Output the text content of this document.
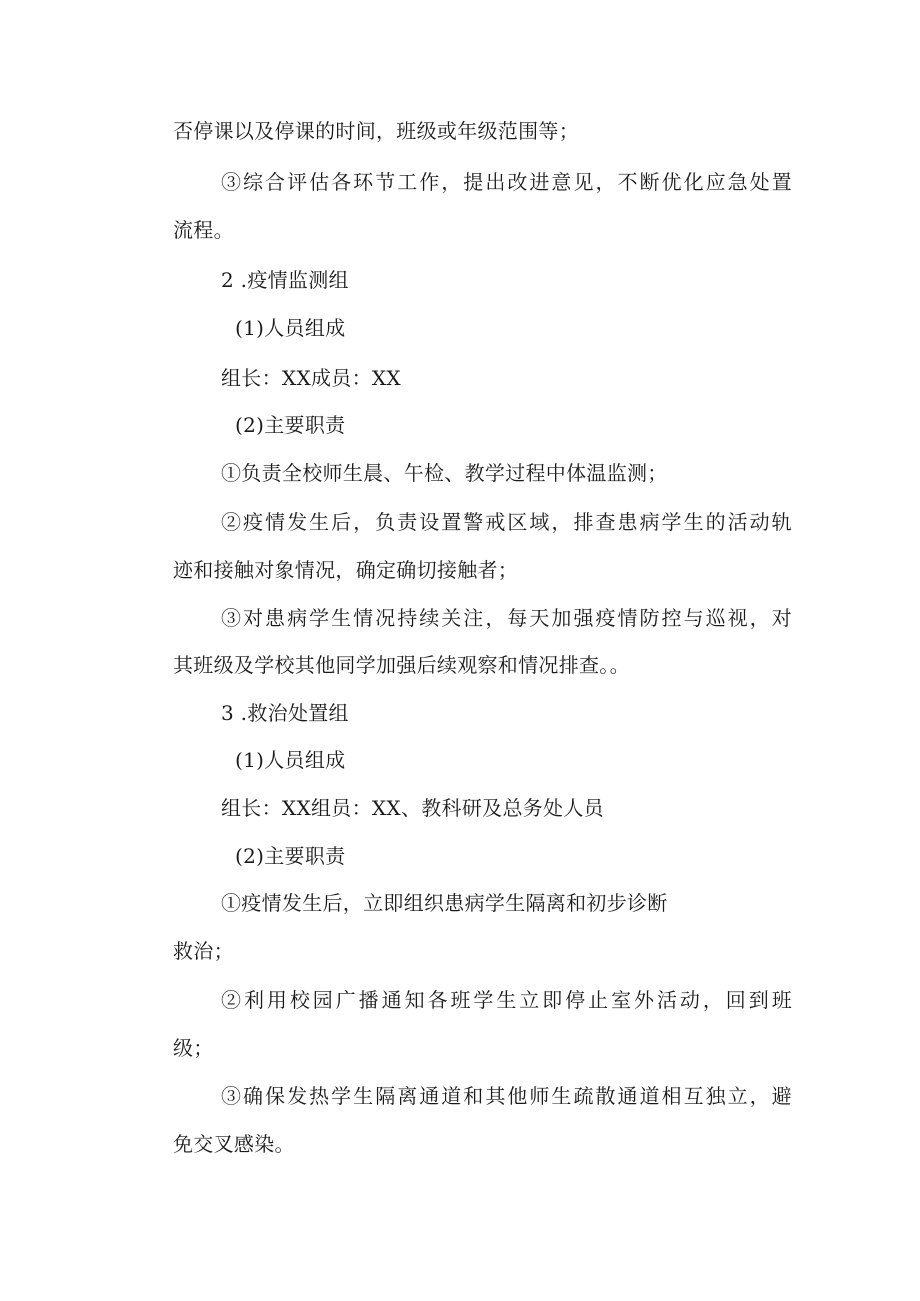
否停课以及停课的时间，班级或年级范围等；
③综合评估各环节工作，提出改进意见，不断优化应急处置
流程。
2 .疫情监测组
(1)人员组成
组长：XX成员：XX
(2)主要职责
①负责全校师生晨、午检、教学过程中体温监测；
②疫情发生后，负责设置警戒区域，排查患病学生的活动轨
迹和接触对象情况，确定确切接触者；
③对患病学生情况持续关注，每天加强疫情防控与巡视，对
其班级及学校其他同学加强后续观察和情况排查。。
3 .救治处置组
(1)人员组成
组长：XX组员：XX、教科研及总务处人员
(2)主要职责
①疫情发生后，立即组织患病学生隔离和初步诊断
救治；
②利用校园广播通知各班学生立即停止室外活动，回到班
级；
③确保发热学生隔离通道和其他师生疏散通道相互独立，避
免交叉感染。
